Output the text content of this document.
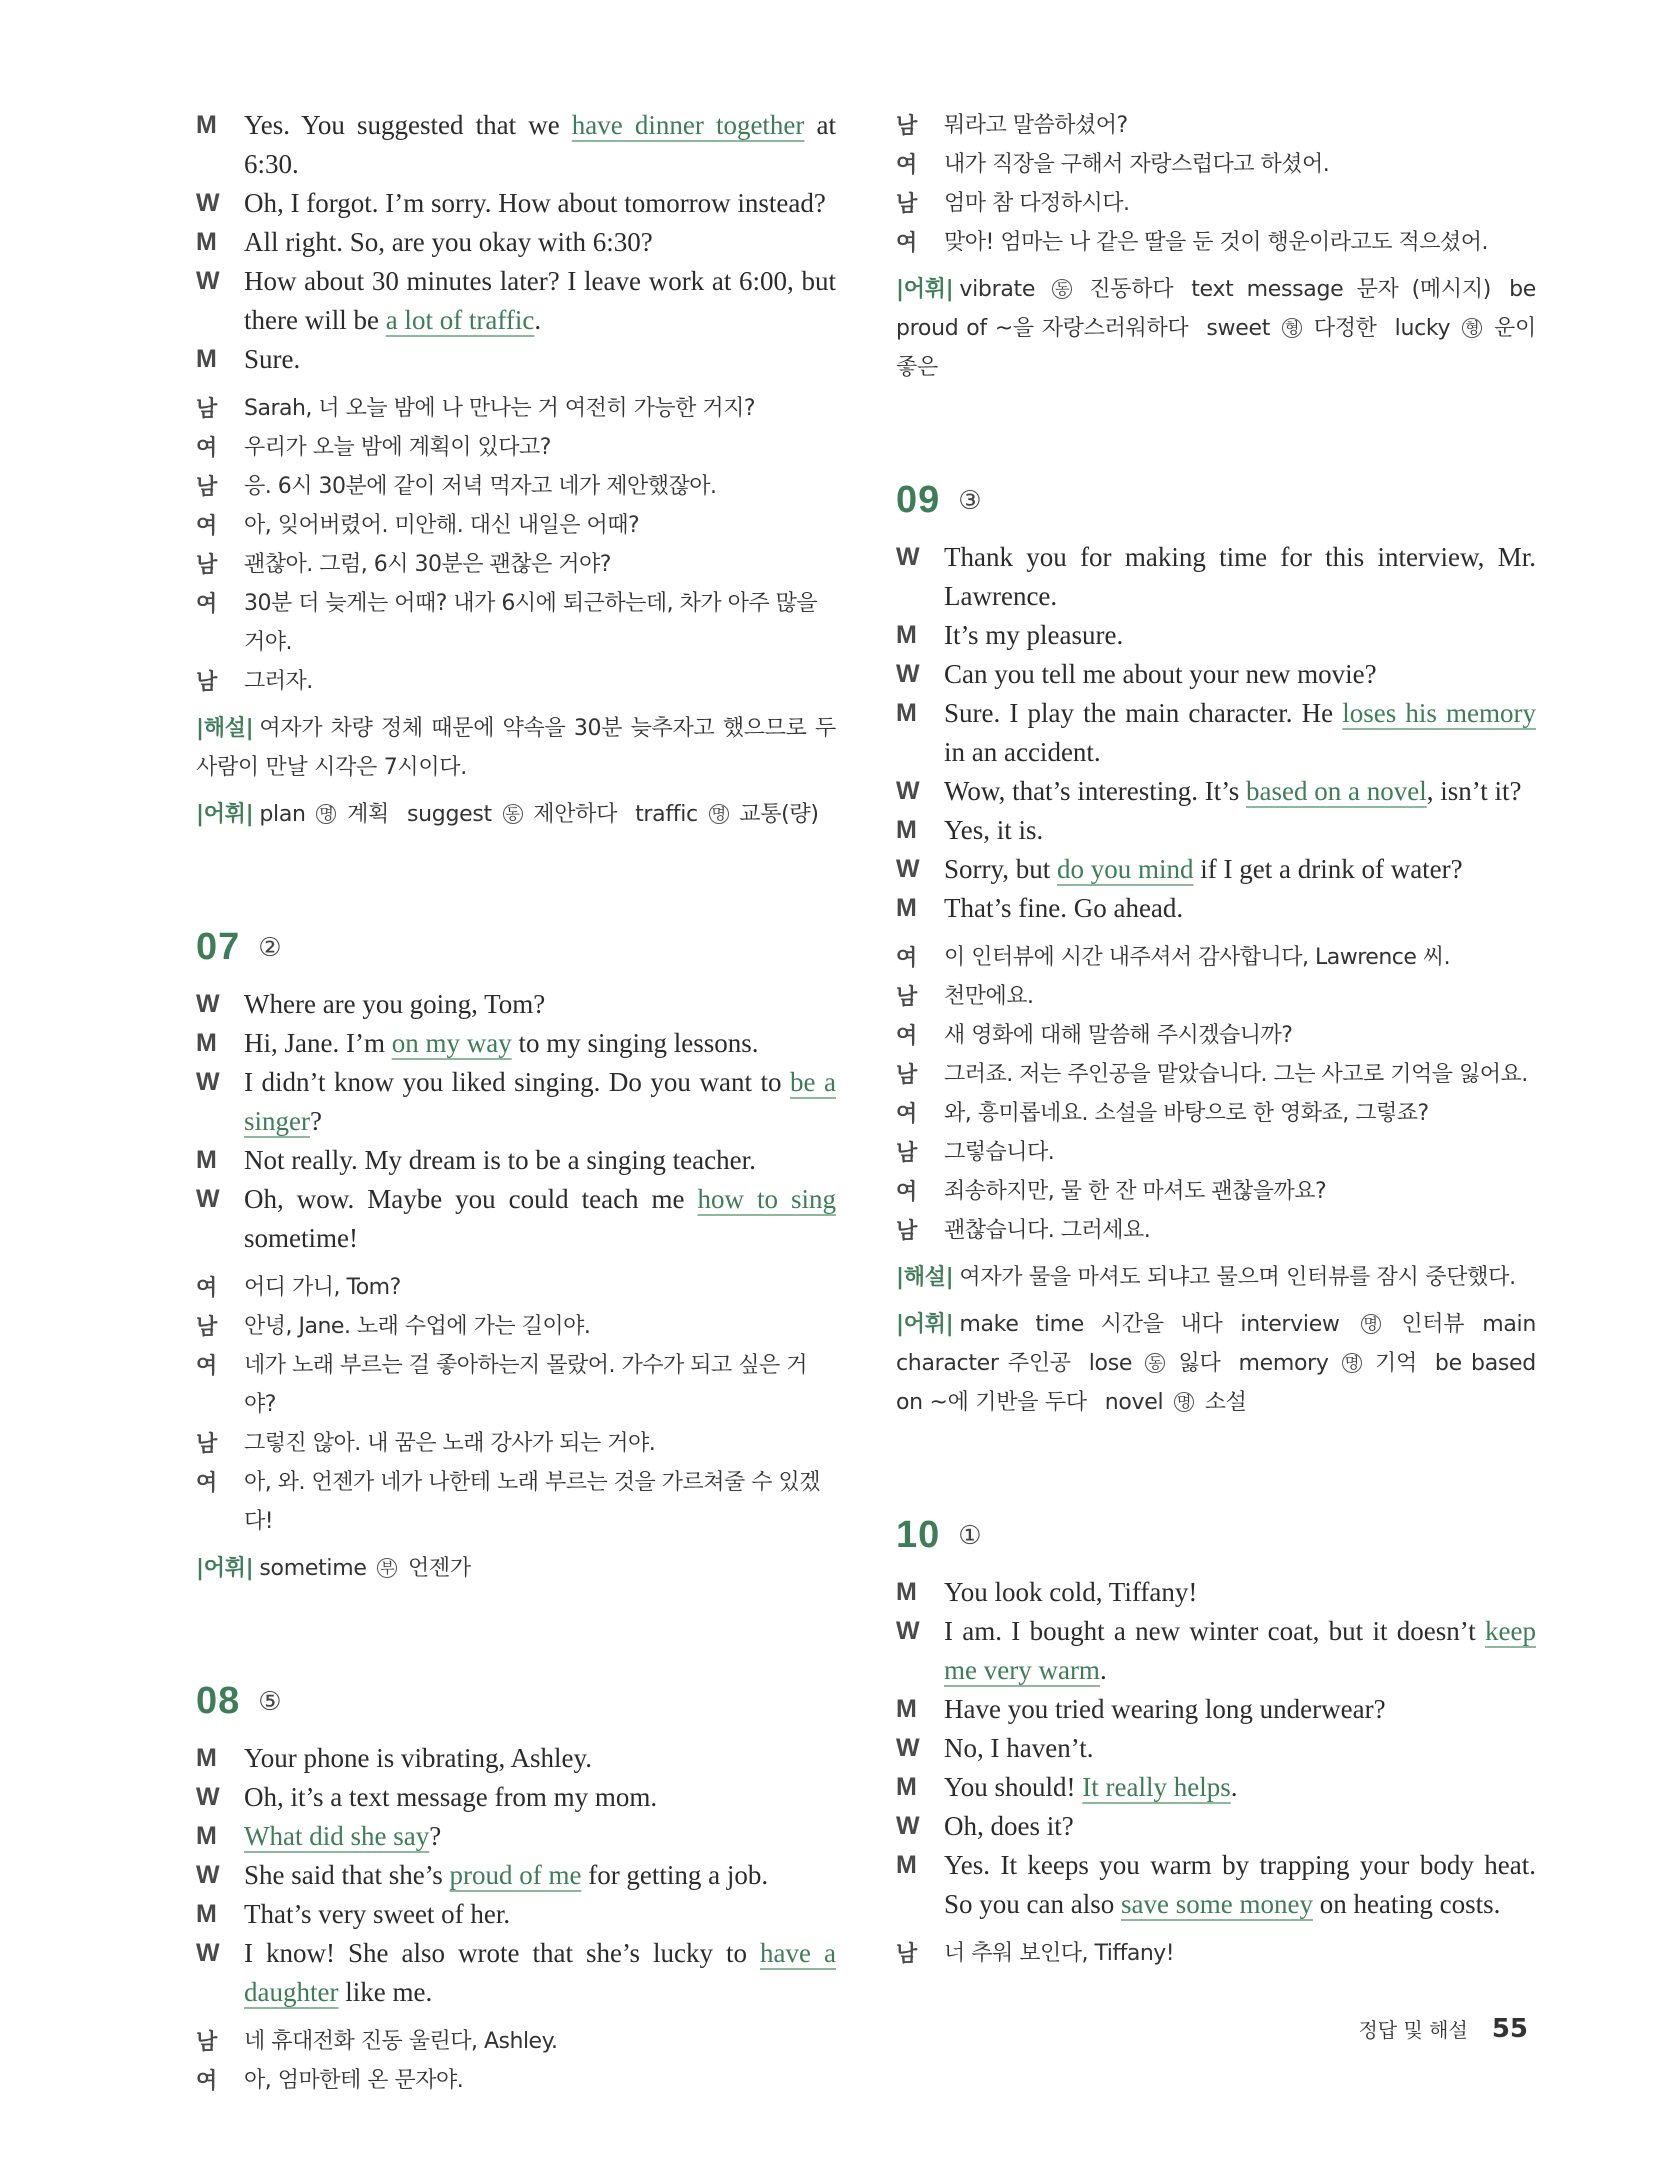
M Yes. You suggested that we have dinner together at 6:30.
W Oh, I forgot. I’m sorry. How about tomorrow instead?
M All right. So, are you okay with 6:30?
W How about 30 minutes later? I leave work at 6:00, but there will be a lot of traffic.
M Sure.
남 Sarah, 너 오늘 밤에 나 만나는 거 여전히 가능한 거지?
여 우리가 오늘 밤에 계획이 있다고?
남 응. 6시 30분에 같이 저녁 먹자고 네가 제안했잖아.
여 아, 잊어버렸어. 미안해. 대신 내일은 어때?
남 괜찮아. 그럼, 6시 30분은 괜찮은 거야?
여 30분 더 늦게는 어때? 내가 6시에 퇴근하는데, 차가 아주 많을 거야.
남 그러자.
|해설| 여자가 차량 정체 때문에 약속을 30분 늦추자고 했으므로 두 사람이 만날 시각은 7시이다.
|어휘| plan 명 계획 suggest 동 제안하다 traffic 명 교통(량)
07 ②
W Where are you going, Tom?
M Hi, Jane. I’m on my way to my singing lessons.
W I didn’t know you liked singing. Do you want to be a singer?
M Not really. My dream is to be a singing teacher.
W Oh, wow. Maybe you could teach me how to sing sometime!
여 어디 가니, Tom?
남 안녕, Jane. 노래 수업에 가는 길이야.
여 네가 노래 부르는 걸 좋아하는지 몰랐어. 가수가 되고 싶은 거야?
남 그렇진 않아. 내 꿈은 노래 강사가 되는 거야.
여 아, 와. 언젠가 네가 나한테 노래 부르는 것을 가르쳐줄 수 있겠다!
|어휘| sometime 부 언젠가
08 ⑤
M Your phone is vibrating, Ashley.
W Oh, it’s a text message from my mom.
M What did she say?
W She said that she’s proud of me for getting a job.
M That’s very sweet of her.
W I know! She also wrote that she’s lucky to have a daughter like me.
남 네 휴대전화 진동 울린다, Ashley.
여 아, 엄마한테 온 문자야.
남 뭐라고 말씀하셨어?
여 내가 직장을 구해서 자랑스럽다고 하셨어.
남 엄마 참 다정하시다.
여 맞아! 엄마는 나 같은 딸을 둔 것이 행운이라고도 적으셨어.
|어휘| vibrate 동 진동하다 text message 문자 (메시지) be proud of ~을 자랑스러워하다 sweet 형 다정한 lucky 형 운이 좋은
09 ③
W Thank you for making time for this interview, Mr. Lawrence.
M It’s my pleasure.
W Can you tell me about your new movie?
M Sure. I play the main character. He loses his memory in an accident.
W Wow, that’s interesting. It’s based on a novel, isn’t it?
M Yes, it is.
W Sorry, but do you mind if I get a drink of water?
M That’s fine. Go ahead.
여 이 인터뷰에 시간 내주셔서 감사합니다, Lawrence 씨.
남 천만에요.
여 새 영화에 대해 말씀해 주시겠습니까?
남 그러죠. 저는 주인공을 맡았습니다. 그는 사고로 기억을 잃어요.
여 와, 흥미롭네요. 소설을 바탕으로 한 영화죠, 그렇죠?
남 그렇습니다.
여 죄송하지만, 물 한 잔 마셔도 괜찮을까요?
남 괜찮습니다. 그러세요.
|해설| 여자가 물을 마셔도 되냐고 물으며 인터뷰를 잠시 중단했다.
|어휘| make time 시간을 내다 interview 명 인터뷰 main character 주인공 lose 동 잃다 memory 명 기억 be based on ~에 기반을 두다 novel 명 소설
10 ①
M You look cold, Tiffany!
W I am. I bought a new winter coat, but it doesn’t keep me very warm.
M Have you tried wearing long underwear?
W No, I haven’t.
M You should! It really helps.
W Oh, does it?
M Yes. It keeps you warm by trapping your body heat. So you can also save some money on heating costs.
남 너 추워 보인다, Tiffany!
정답 및 해설 55
